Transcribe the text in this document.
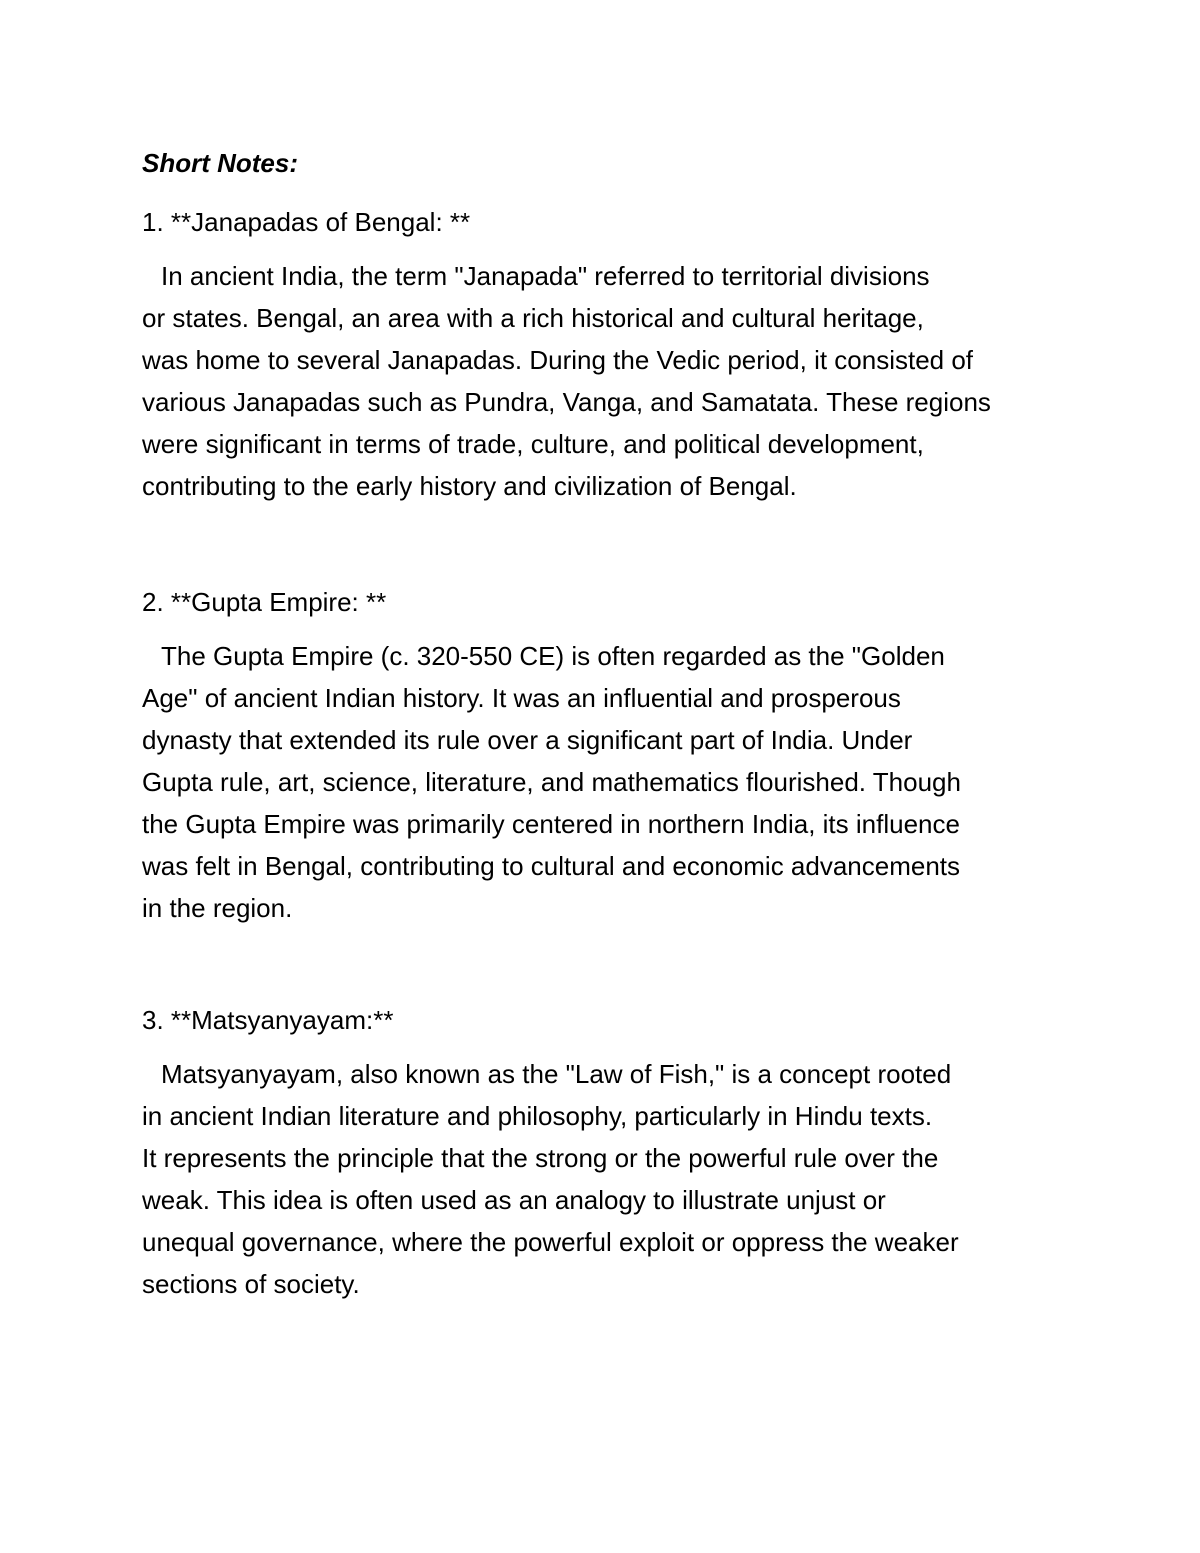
Short Notes:
1. **Janapadas of Bengal: **
In ancient India, the term "Janapada" referred to territorial divisions
or states. Bengal, an area with a rich historical and cultural heritage,
was home to several Janapadas. During the Vedic period, it consisted of
various Janapadas such as Pundra, Vanga, and Samatata. These regions
were significant in terms of trade, culture, and political development,
contributing to the early history and civilization of Bengal.
2. **Gupta Empire: **
The Gupta Empire (c. 320-550 CE) is often regarded as the "Golden
Age" of ancient Indian history. It was an influential and prosperous
dynasty that extended its rule over a significant part of India. Under
Gupta rule, art, science, literature, and mathematics flourished. Though
the Gupta Empire was primarily centered in northern India, its influence
was felt in Bengal, contributing to cultural and economic advancements
in the region.
3. **Matsyanyayam:**
Matsyanyayam, also known as the "Law of Fish," is a concept rooted
in ancient Indian literature and philosophy, particularly in Hindu texts.
It represents the principle that the strong or the powerful rule over the
weak. This idea is often used as an analogy to illustrate unjust or
unequal governance, where the powerful exploit or oppress the weaker
sections of society.
